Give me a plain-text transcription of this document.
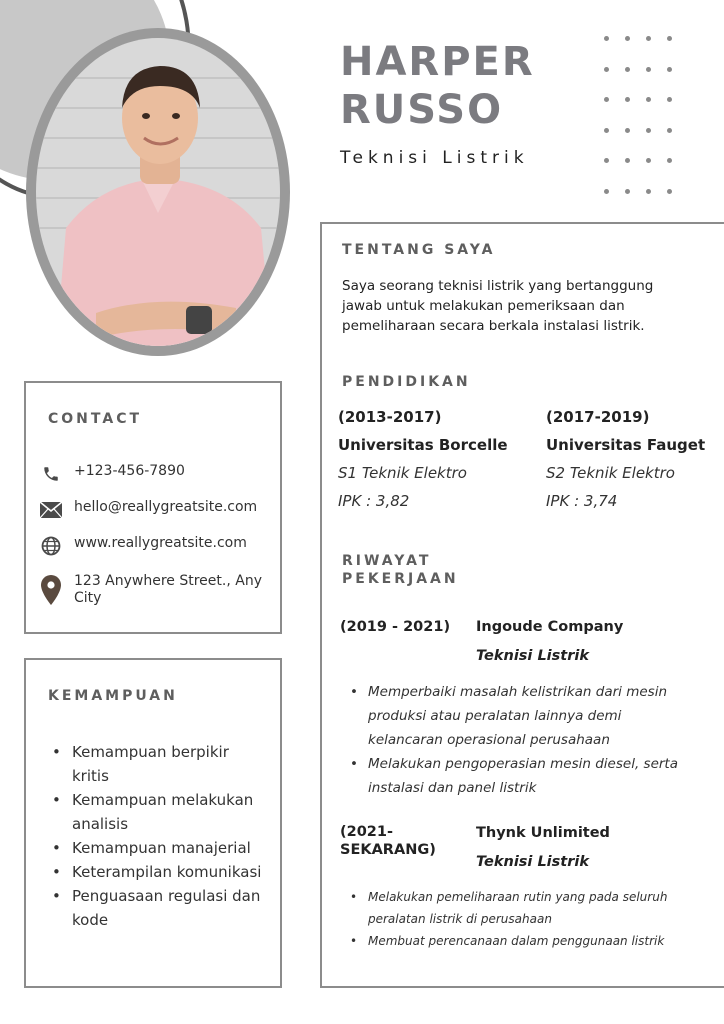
HARPER
RUSSO
Teknisi Listrik
CONTACT
+123-456-7890
hello@reallygreatsite.com
www.reallygreatsite.com
123 Anywhere Street., Any City
KEMAMPUAN
• Kemampuan berpikir kritis
• Kemampuan melakukan analisis
• Kemampuan manajerial
• Keterampilan komunikasi
• Penguasaan regulasi dan kode
TENTANG SAYA
Saya seorang teknisi listrik yang bertanggung jawab untuk melakukan pemeriksaan dan pemeliharaan secara berkala instalasi listrik.
PENDIDIKAN
(2013-2017)
Universitas Borcelle
S1 Teknik Elektro
IPK : 3,82
(2017-2019)
Universitas Fauget
S2 Teknik Elektro
IPK : 3,74
RIWAYAT
PEKERJAAN
(2019 - 2021)	Ingoude Company
Teknisi Listrik
• Memperbaiki masalah kelistrikan dari mesin produksi atau peralatan lainnya demi kelancaran operasional perusahaan
• Melakukan pengoperasian mesin diesel, serta instalasi dan panel listrik
(2021- SEKARANG)
Thynk Unlimited
Teknisi Listrik
• Melakukan pemeliharaan rutin yang pada seluruh peralatan listrik di perusahaan
• Membuat perencanaan dalam penggunaan listrik
